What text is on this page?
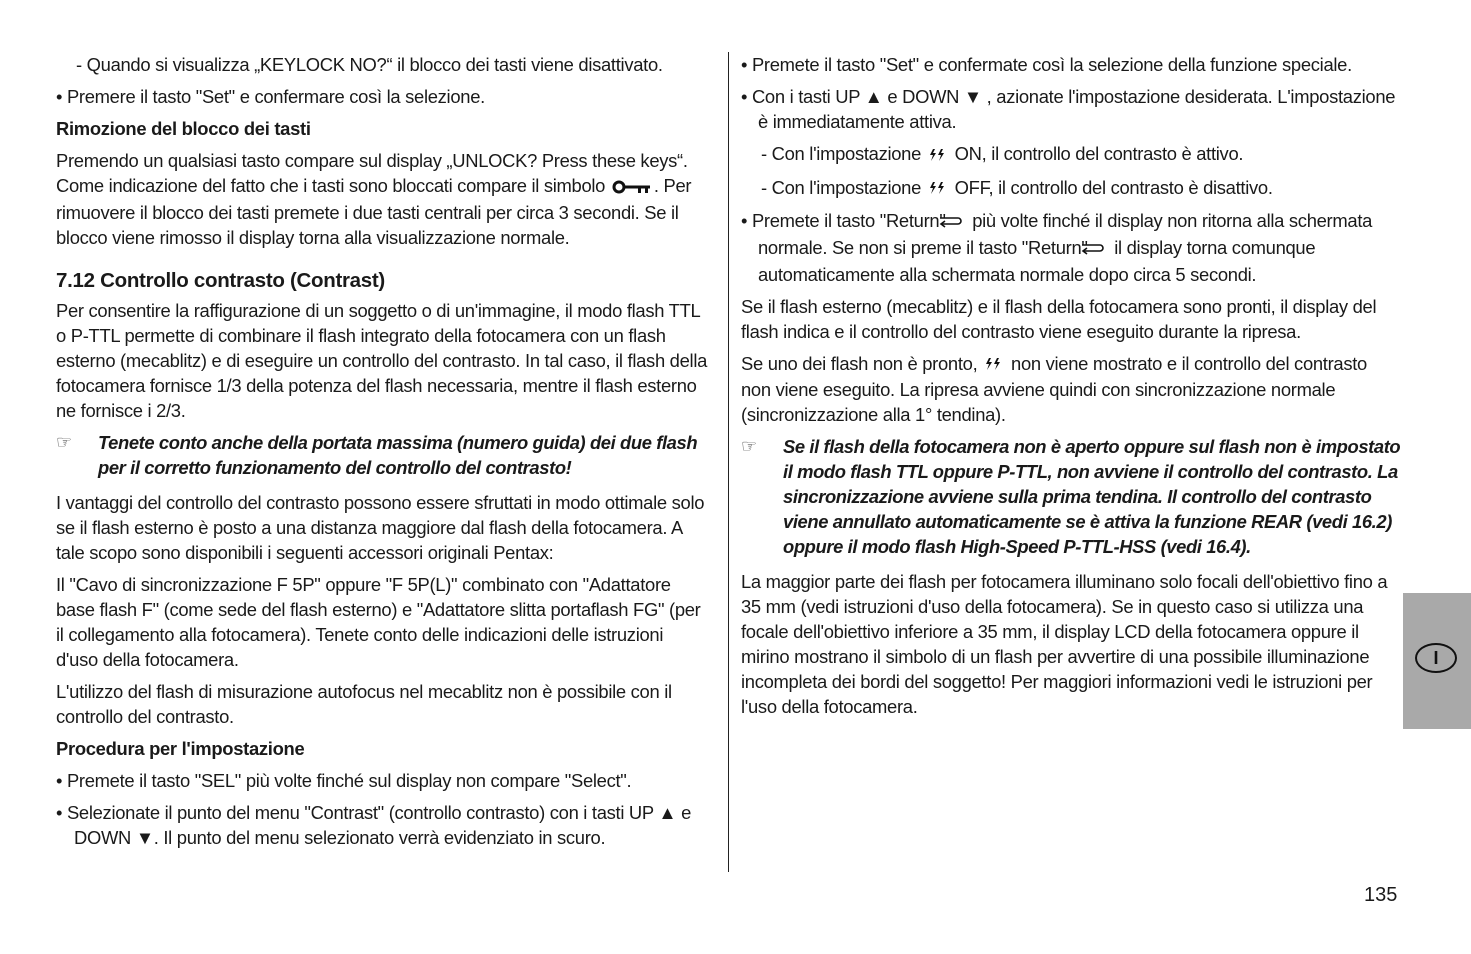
- Quando si visualizza „KEYLOCK NO?“ il blocco dei tasti viene disattivato.

• Premere il tasto "Set" e confermare così la selezione.

Rimozione del blocco dei tasti

Premendo un qualsiasi tasto compare sul display „UNLOCK? Press these keys“. Come indicazione del fatto che i tasti sono bloccati compare il simbolo	. Per rimuovere il blocco dei tasti premete i due tasti centrali per circa 3 secondi. Se il blocco viene rimosso il display torna alla visualizzazione normale.

7.12 Controllo contrasto (Contrast)

Per consentire la raffigurazione di un soggetto o di un'immagine, il modo flash TTL o P-TTL permette di combinare il flash integrato della fotocamera con un flash esterno (mecablitz) e di eseguire un controllo del contrasto. In tal caso, il flash della fotocamera fornisce 1/3 della potenza del flash necessaria, mentre il flash esterno ne fornisce i 2/3.

☞	Tenete conto anche della portata massima (numero guida) dei due flash per il corretto funzionamento del controllo del contrasto!

I vantaggi del controllo del contrasto possono essere sfruttati in modo ottimale solo se il flash esterno è posto a una distanza maggiore dal flash della fotocamera. A tale scopo sono disponibili i seguenti accessori originali Pentax:

Il "Cavo di sincronizzazione F 5P" oppure "F 5P(L)" combinato con "Adattatore base flash F" (come sede del flash esterno) e "Adattatore slitta portaflash FG" (per il collegamento alla fotocamera). Tenete conto delle indicazioni delle istruzioni d'uso della fotocamera.

L'utilizzo del flash di misurazione autofocus nel mecablitz non è possibile con il controllo del contrasto.

Procedura per l'impostazione

• Premete il tasto "SEL" più volte finché sul display non compare "Select".

• Selezionate il punto del menu "Contrast" (controllo contrasto) con i tasti UP ▲ e DOWN ▼. Il punto del menu selezionato verrà evidenziato in scuro.

• Premete il tasto "Set" e confermate così la selezione della funzione speciale.

• Con i tasti UP ▲ e DOWN ▼ , azionate l'impostazione desiderata. L'impostazione è immediatamente attiva.

- Con l'impostazione ON, il controllo del contrasto è attivo.

- Con l'impostazione OFF, il controllo del contrasto è disattivo.

• Premete il tasto "Return" più volte finché il display non ritorna alla schermata normale. Se non si preme il tasto "Return" il display torna comunque automaticamente alla schermata normale dopo circa 5 secondi.

Se il flash esterno (mecablitz) e il flash della fotocamera sono pronti, il display del flash indica e il controllo del contrasto viene eseguito durante la ripresa.

Se uno dei flash non è pronto, non viene mostrato e il controllo del contrasto non viene eseguito. La ripresa avviene quindi con sincronizzazione normale (sincronizzazione alla 1° tendina).

☞	Se il flash della fotocamera non è aperto oppure sul flash non è impostato il modo flash TTL oppure P-TTL, non avviene il controllo del contrasto. La sincronizzazione avviene sulla prima tendina. Il controllo del contrasto viene annullato automaticamente se è attiva la funzione REAR (vedi 16.2) oppure il modo flash High-Speed P-TTL-HSS (vedi 16.4).

La maggior parte dei flash per fotocamera illuminano solo focali dell'obiettivo fino a 35 mm (vedi istruzioni d'uso della fotocamera). Se in questo caso si utilizza una focale dell'obiettivo inferiore a 35 mm, il display LCD della fotocamera oppure il mirino mostrano il simbolo di un flash per avvertire di una possibile illuminazione incompleta dei bordi del soggetto! Per maggiori informazioni vedi le istruzioni per l'uso della fotocamera.

I
135
